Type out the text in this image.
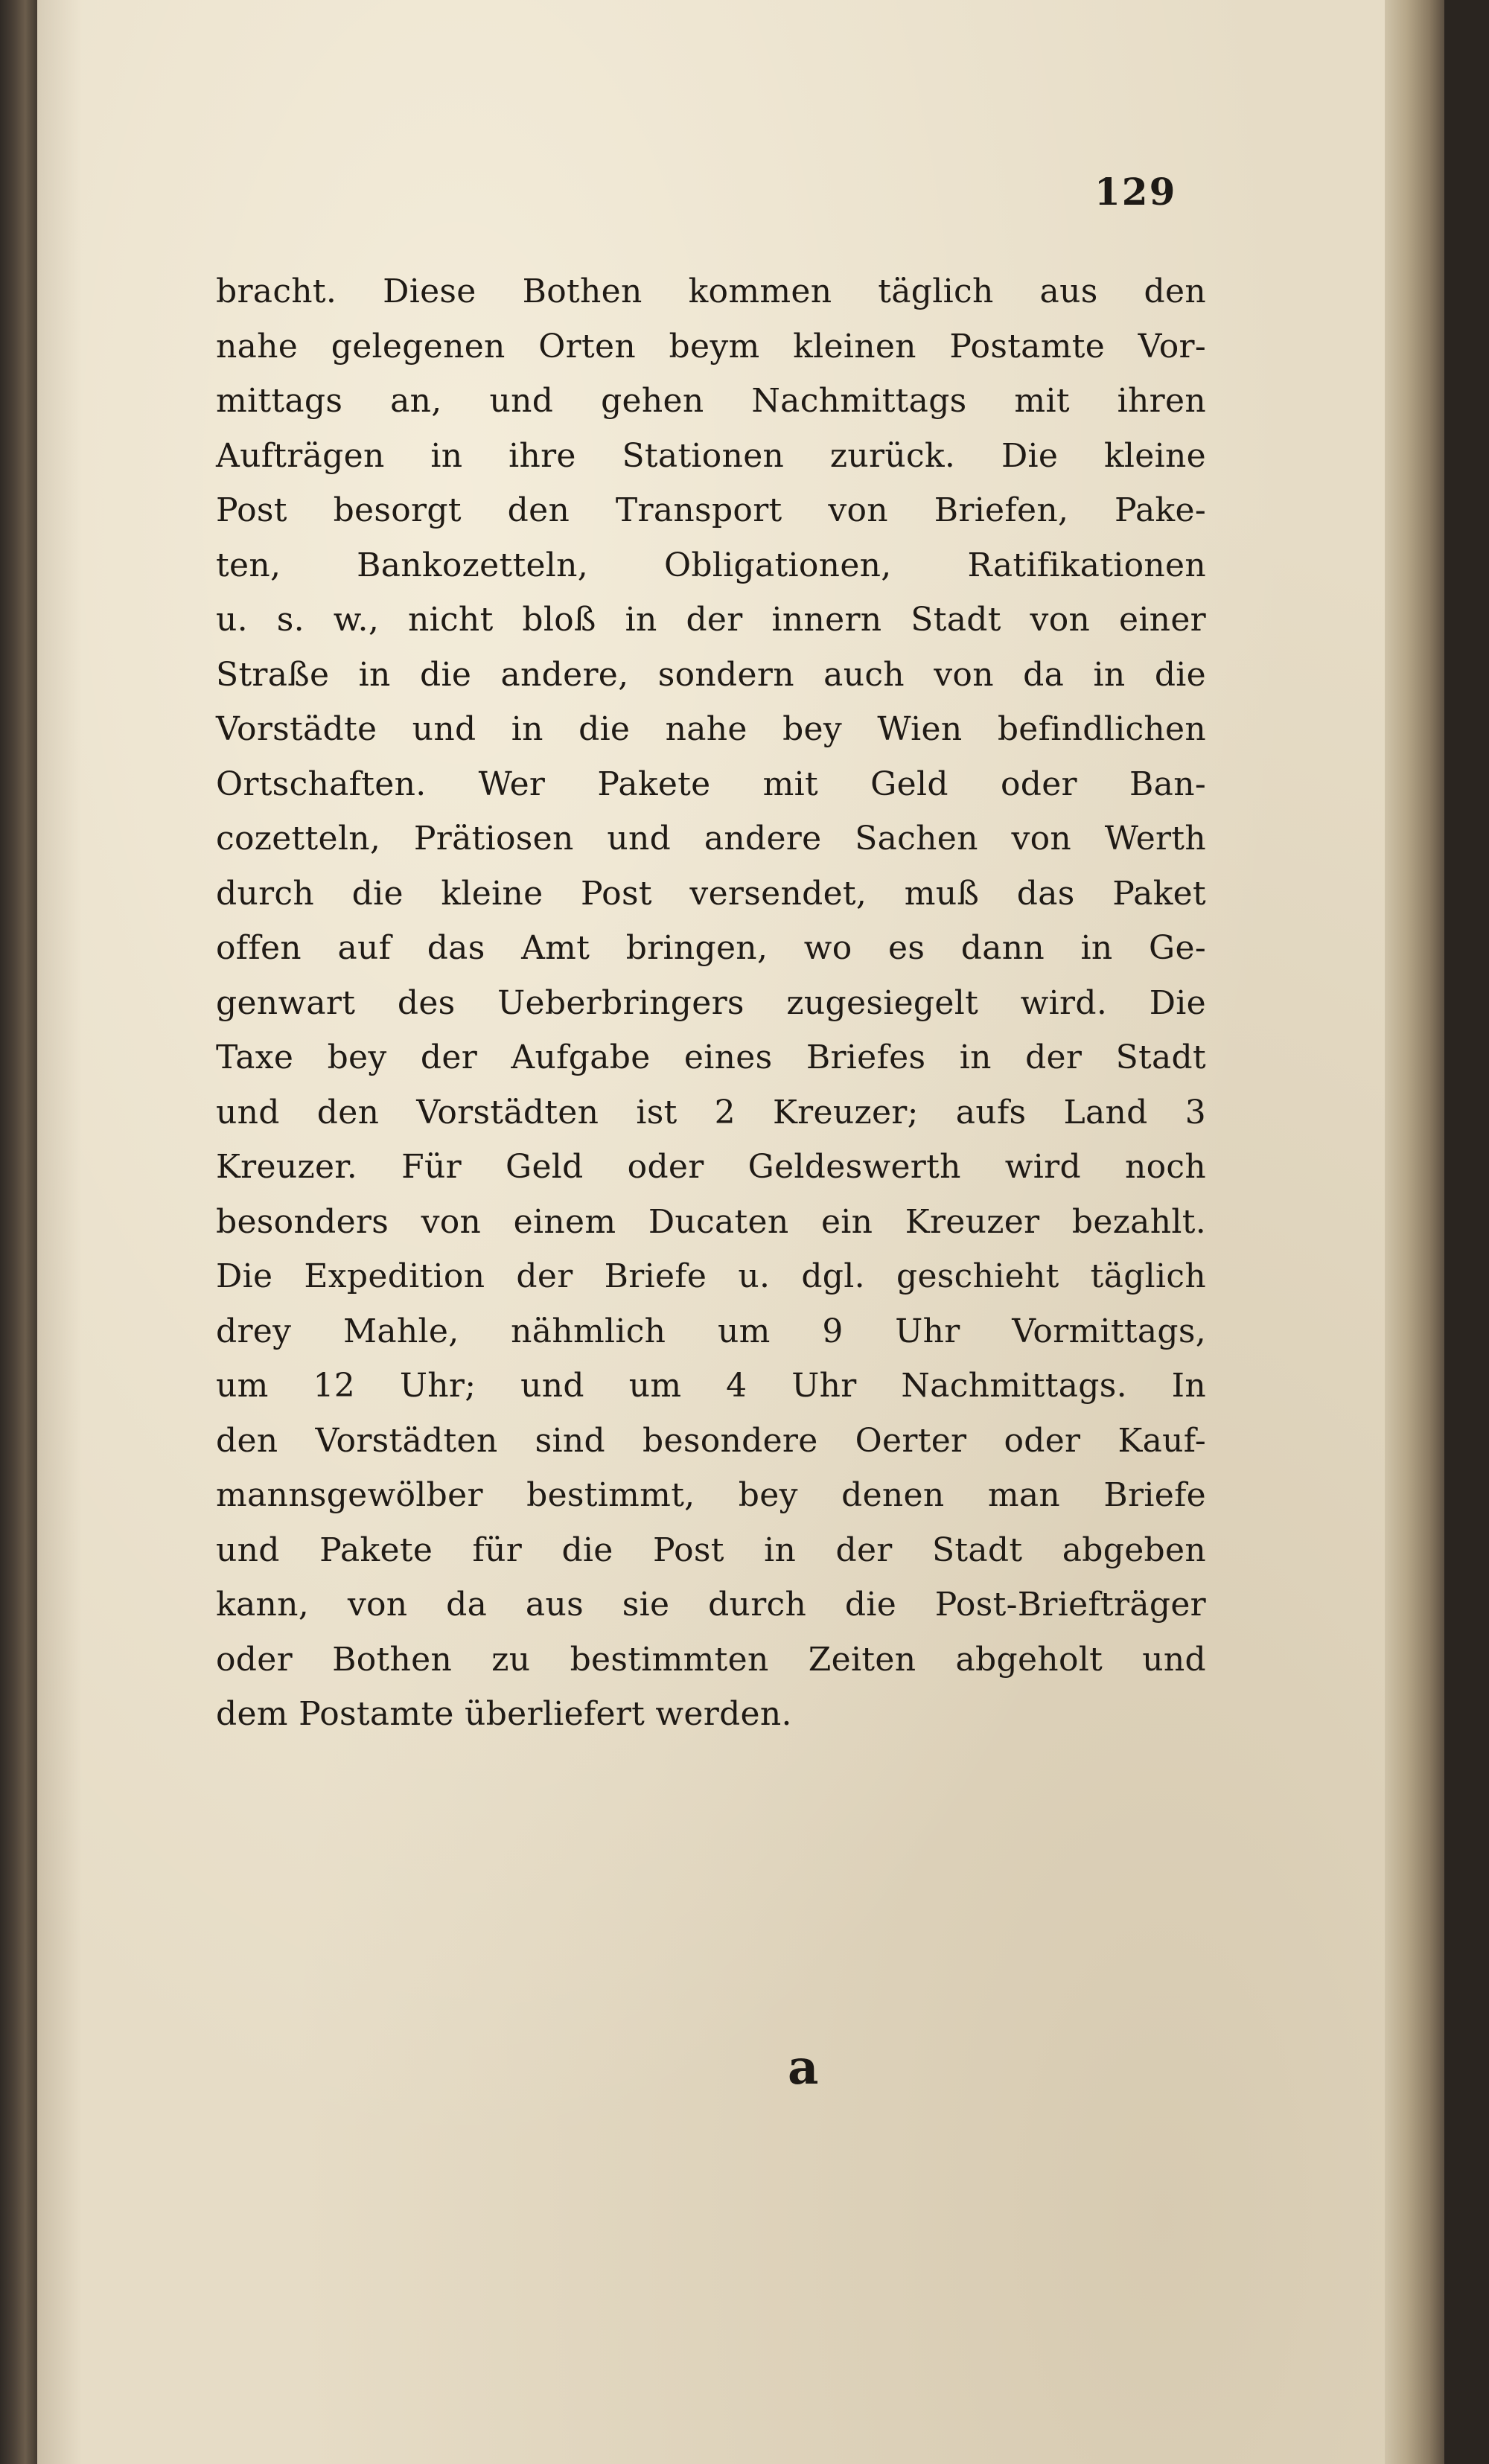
129
bracht. Diese Bothen kommen täglich aus den
nahe gelegenen Orten beym kleinen Postamte Vor-
mittags an, und gehen Nachmittags mit ihren
Aufträgen in ihre Stationen zurück. Die kleine
Post besorgt den Transport von Briefen, Pake-
ten, Bankozetteln, Obligationen, Ratifikationen
u. s. w., nicht bloß in der innern Stadt von einer
Straße in die andere, sondern auch von da in die
Vorstädte und in die nahe bey Wien befindlichen
Ortschaften. Wer Pakete mit Geld oder Ban-
cozetteln, Prätiosen und andere Sachen von Werth
durch die kleine Post versendet, muß das Paket
offen auf das Amt bringen, wo es dann in Ge-
genwart des Ueberbringers zugesiegelt wird. Die
Taxe bey der Aufgabe eines Briefes in der Stadt
und den Vorstädten ist 2 Kreuzer; aufs Land 3
Kreuzer. Für Geld oder Geldeswerth wird noch
besonders von einem Ducaten ein Kreuzer bezahlt.
Die Expedition der Briefe u. dgl. geschieht täglich
drey Mahle, nähmlich um 9 Uhr Vormittags,
um 12 Uhr; und um 4 Uhr Nachmittags. In
den Vorstädten sind besondere Oerter oder Kauf-
mannsgewölber bestimmt, bey denen man Briefe
und Pakete für die Post in der Stadt abgeben
kann, von da aus sie durch die Post-Briefträger
oder Bothen zu bestimmten Zeiten abgeholt und
dem Postamte überliefert werden.
a
